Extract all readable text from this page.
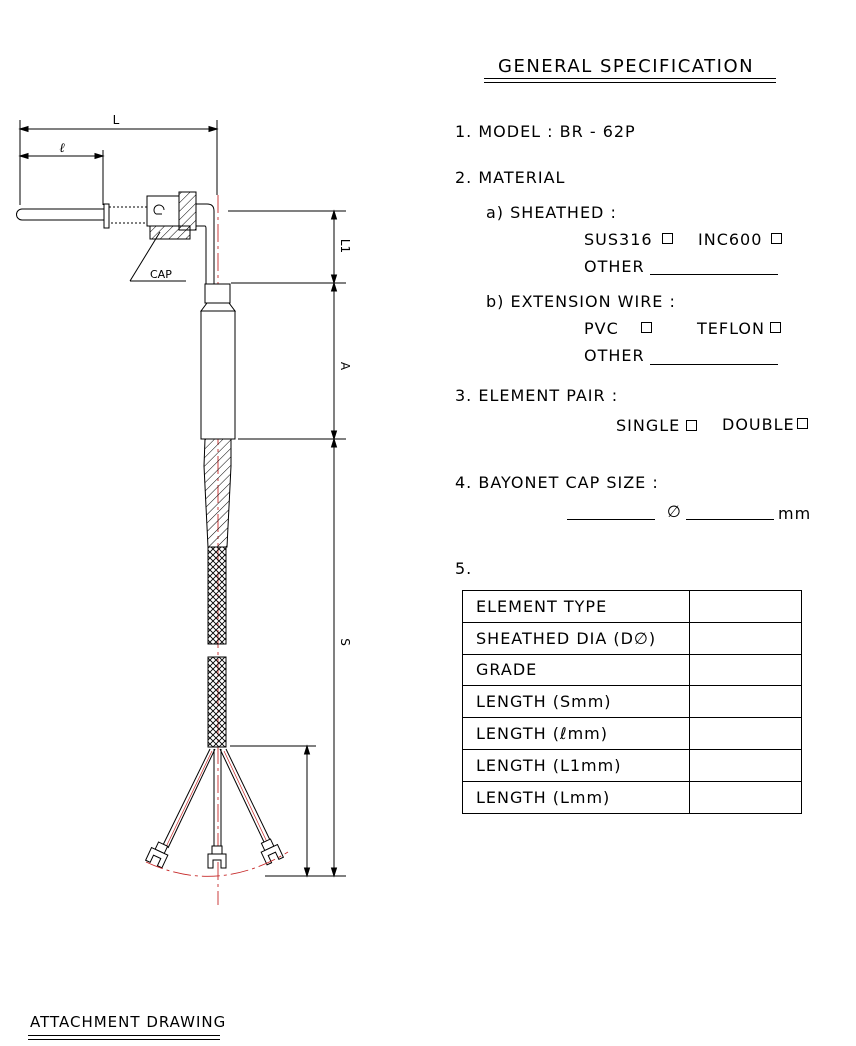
GENERAL SPECIFICATION
1. MODEL : BR - 62P
2. MATERIAL
a) SHEATHED :
SUS316	INC600
OTHER
b) EXTENSION WIRE :
PVC	TEFLON
OTHER
3. ELEMENT PAIR :
SINGLE	DOUBLE
4. BAYONET CAP SIZE :
∅	mm
5.
ELEMENT TYPE	
SHEATHED DIA (D∅)	
GRADE	
LENGTH (Smm)	
LENGTH (ℓmm)	
LENGTH (L1mm)	
LENGTH (Lmm)	
ATTACHMENT DRAWING
L
ℓ
CAP
L1
A
S
